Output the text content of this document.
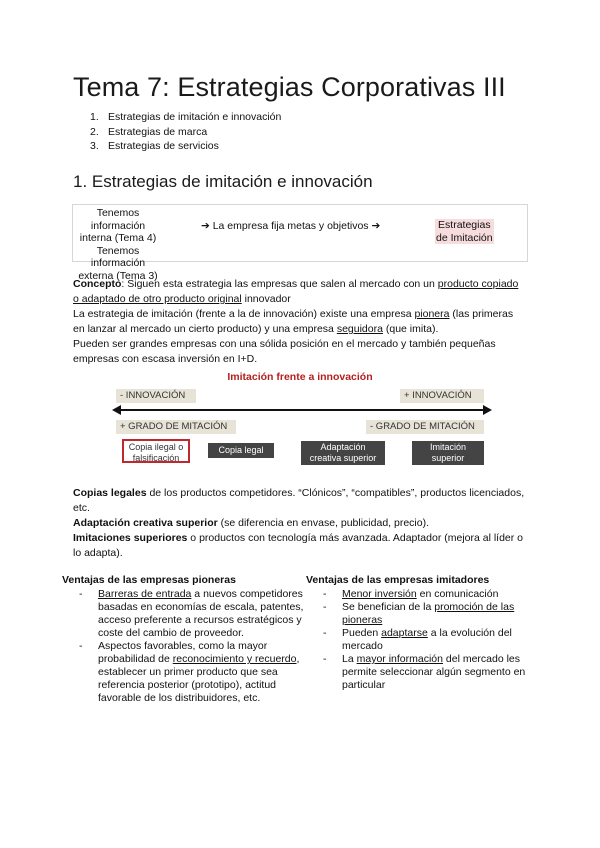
Tema 7: Estrategias Corporativas III
1. Estrategias de imitación e innovación
2. Estrategias de marca
3. Estrategias de servicios
1. Estrategias de imitación e innovación
Tenemos información
interna (Tema 4)
Tenemos información
externa (Tema 3)
➔ La empresa fija metas y objetivos ➔	Estrategias
de Imitación
Concepto: Siguen esta estrategia las empresas que salen al mercado con un producto copiado o adaptado de otro producto original innovador
La estrategia de imitación (frente a la de innovación) existe una empresa pionera (las primeras en lanzar al mercado un cierto producto) y una empresa seguidora (que imita).
Pueden ser grandes empresas con una sólida posición en el mercado y también pequeñas empresas con escasa inversión en I+D.
Imitación frente a innovación
- INNOVACIÓN	+ INNOVACIÓN
+ GRADO DE MITACIÓN	- GRADO DE MITACIÓN
Copia ilegal o
falsificación
Copia legal	Adaptación
creativa superior
Imitación
superior
Copias legales de los productos competidores. “Clónicos”, “compatibles”, productos licenciados, etc.
Adaptación creativa superior (se diferencia en envase, publicidad, precio).
Imitaciones superiores o productos con tecnología más avanzada. Adaptador (mejora al líder o lo adapta).
Ventajas de las empresas pioneras
- Barreras de entrada a nuevos competidores basadas en economías de escala, patentes, acceso preferente a recursos estratégicos y coste del cambio de proveedor.
- Aspectos favorables, como la mayor probabilidad de reconocimiento y recuerdo, establecer un primer producto que sea referencia posterior (prototipo), actitud favorable de los distribuidores, etc.
Ventajas de las empresas imitadores
- Menor inversión en comunicación
- Se benefician de la promoción de las pioneras
- Pueden adaptarse a la evolución del mercado
- La mayor información del mercado les permite seleccionar algún segmento en particular
